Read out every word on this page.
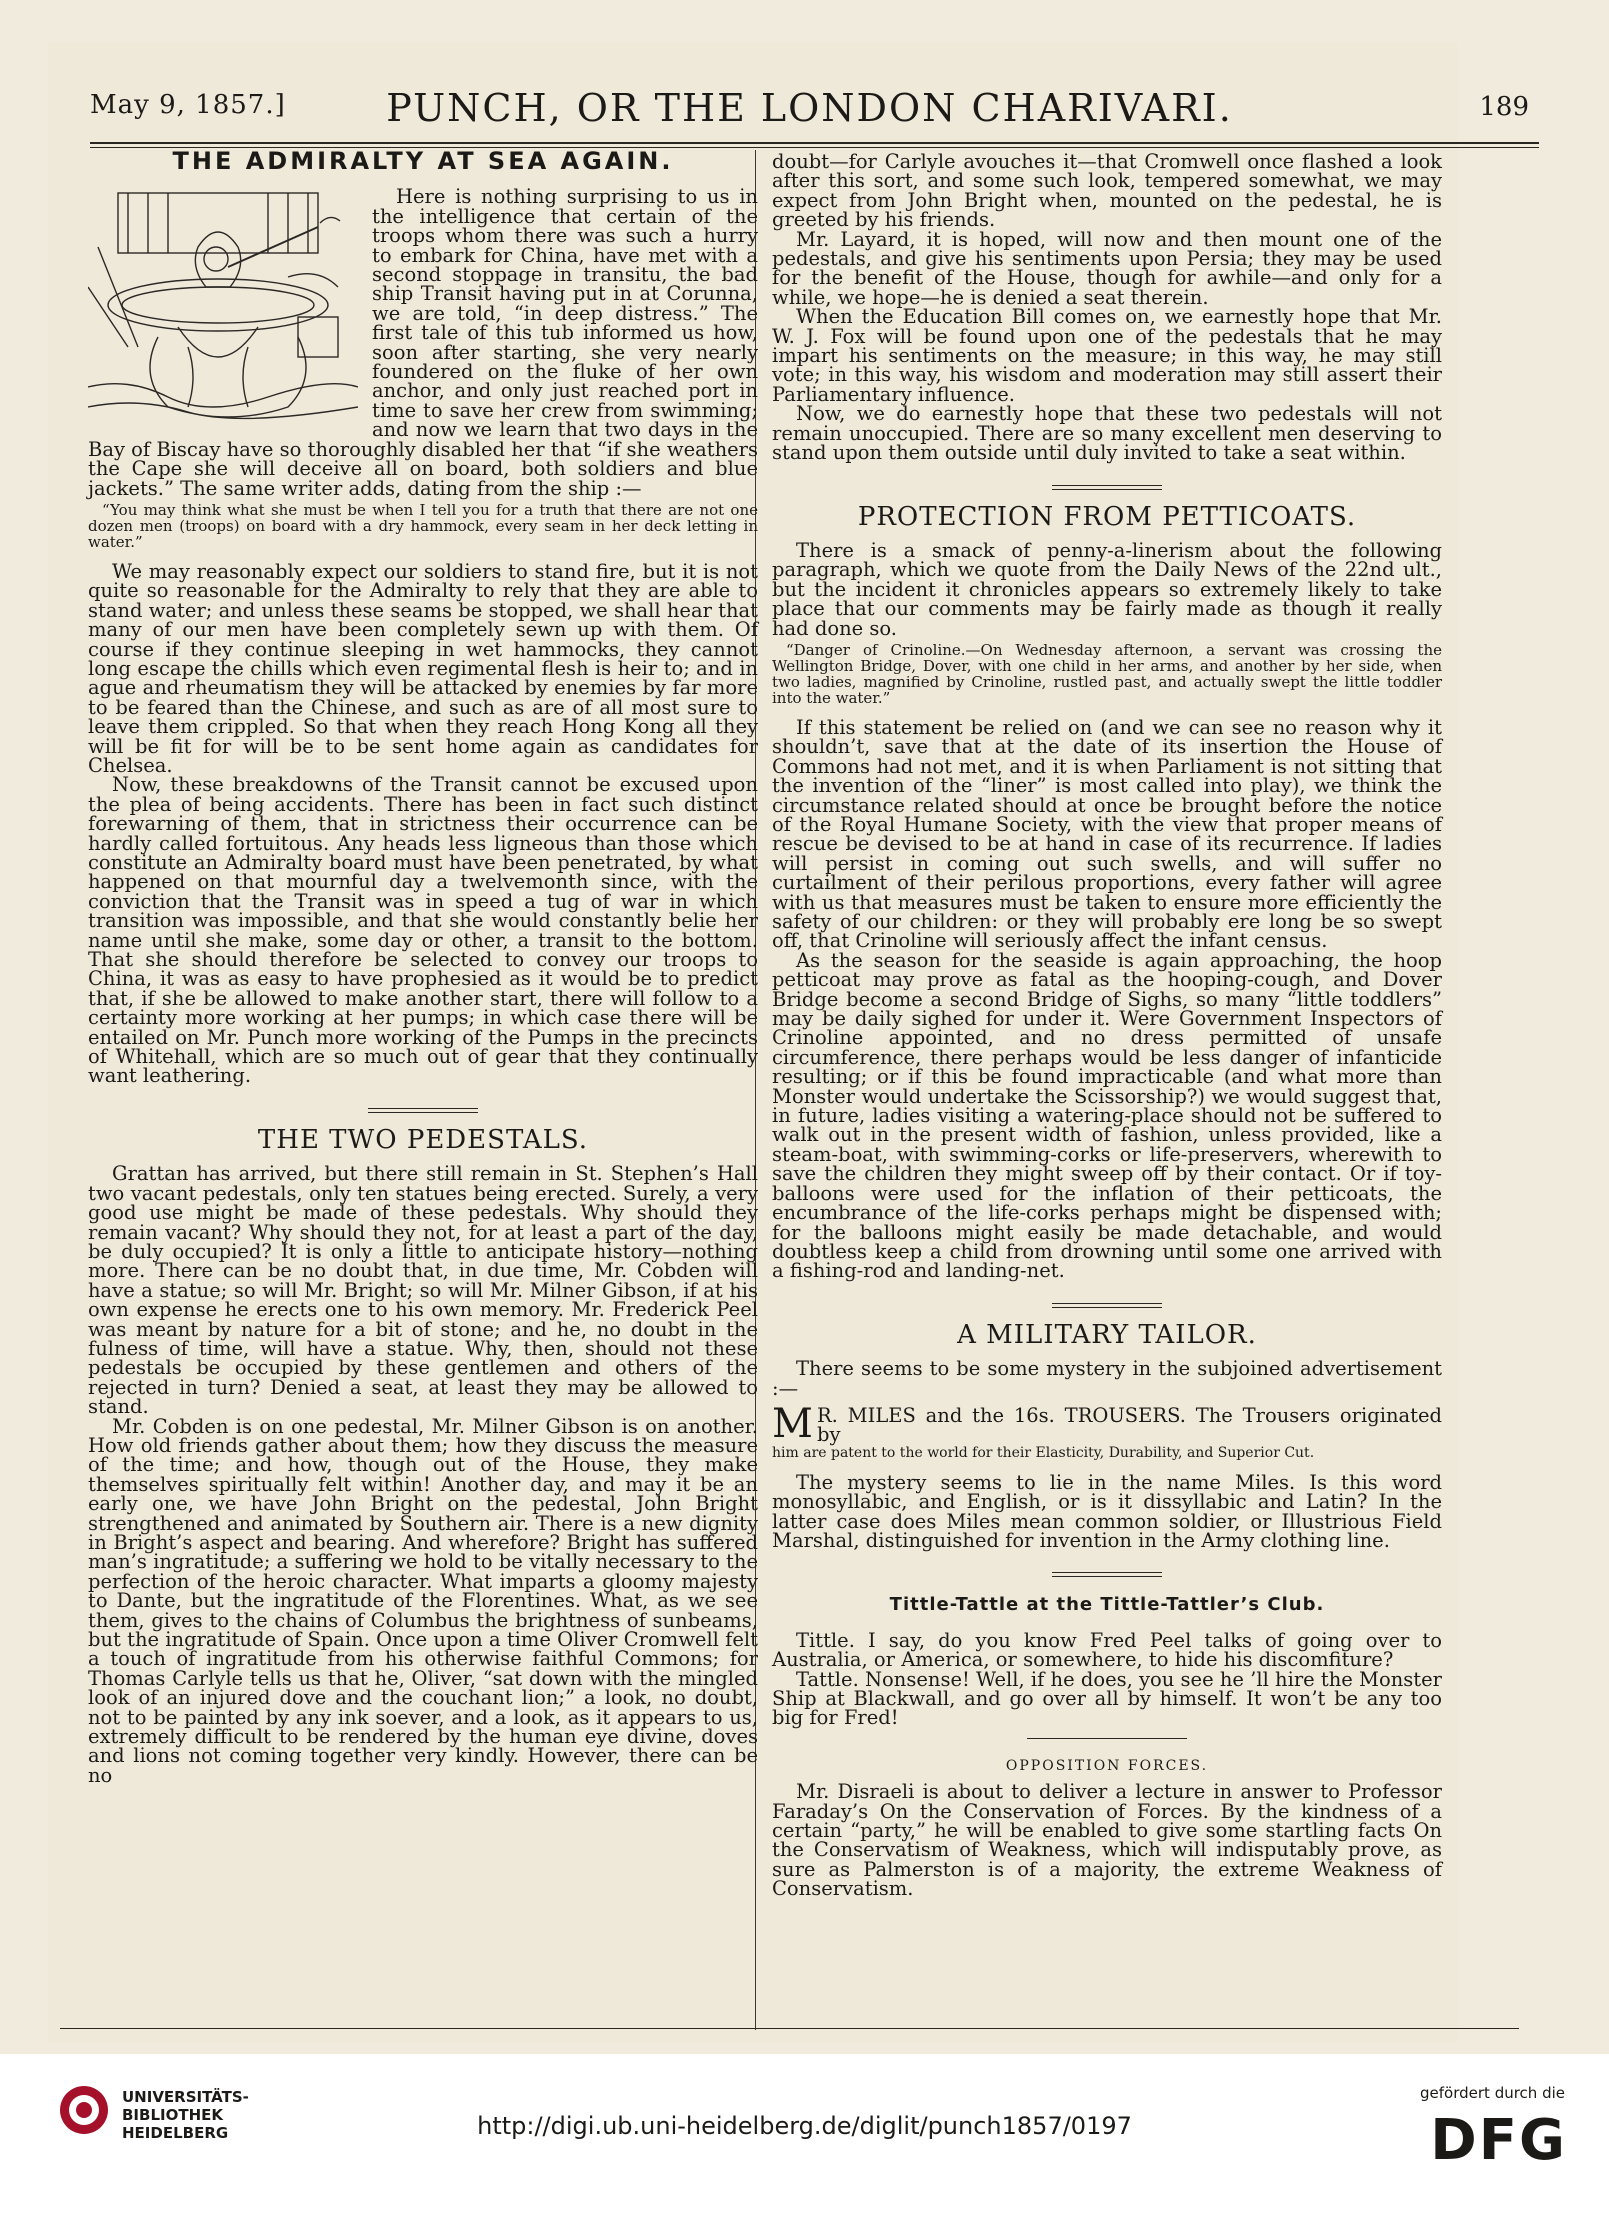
May 9, 1857.]	PUNCH, OR THE LONDON CHARIVARI.	189
THE ADMIRALTY AT SEA AGAIN.

Here is nothing surprising to us in the intelligence that certain of the troops whom there was such a hurry to embark for China, have met with a second stoppage in transitu, the bad ship Transit having put in at Corunna, we are told, “in deep distress.” The first tale of this tub informed us how, soon after starting, she very nearly foundered on the fluke of her own anchor, and only just reached port in time to save her crew from swimming; and now we learn that two days in the Bay of Biscay have so thoroughly disabled her that “if she weathers the Cape she will deceive all on board, both soldiers and blue jackets.” The same writer adds, dating from the ship :—

“You may think what she must be when I tell you for a truth that there are not one dozen men (troops) on board with a dry hammock, every seam in her deck letting in water.”

We may reasonably expect our soldiers to stand fire, but it is not quite so reasonable for the Admiralty to rely that they are able to stand water; and unless these seams be stopped, we shall hear that many of our men have been completely sewn up with them. Of course if they continue sleeping in wet hammocks, they cannot long escape the chills which even regimental flesh is heir to; and in ague and rheumatism they will be attacked by enemies by far more to be feared than the Chinese, and such as are of all most sure to leave them crippled. So that when they reach Hong Kong all they will be fit for will be to be sent home again as candidates for Chelsea.

Now, these breakdowns of the Transit cannot be excused upon the plea of being accidents. There has been in fact such distinct forewarning of them, that in strictness their occurrence can be hardly called fortuitous. Any heads less ligneous than those which constitute an Admiralty board must have been penetrated, by what happened on that mournful day a twelvemonth since, with the conviction that the Transit was in speed a tug of war in which transition was impossible, and that she would constantly belie her name until she make, some day or other, a transit to the bottom. That she should therefore be selected to convey our troops to China, it was as easy to have prophesied as it would be to predict that, if she be allowed to make another start, there will follow to a certainty more working at her pumps; in which case there will be entailed on Mr. Punch more working of the Pumps in the precincts of Whitehall, which are so much out of gear that they continually want leathering.

THE TWO PEDESTALS.

Grattan has arrived, but there still remain in St. Stephen’s Hall two vacant pedestals, only ten statues being erected. Surely, a very good use might be made of these pedestals. Why should they remain vacant? Why should they not, for at least a part of the day, be duly occupied? It is only a little to anticipate history—nothing more. There can be no doubt that, in due time, Mr. Cobden will have a statue; so will Mr. Bright; so will Mr. Milner Gibson, if at his own expense he erects one to his own memory. Mr. Frederick Peel was meant by nature for a bit of stone; and he, no doubt in the fulness of time, will have a statue. Why, then, should not these pedestals be occupied by these gentlemen and others of the rejected in turn? Denied a seat, at least they may be allowed to stand.

Mr. Cobden is on one pedestal, Mr. Milner Gibson is on another. How old friends gather about them; how they discuss the measure of the time; and how, though out of the House, they make themselves spiritually felt within! Another day, and may it be an early one, we have John Bright on the pedestal, John Bright strengthened and animated by Southern air. There is a new dignity in Bright’s aspect and bearing. And wherefore? Bright has suffered man’s ingratitude; a suffering we hold to be vitally necessary to the perfection of the heroic character. What imparts a gloomy majesty to Dante, but the ingratitude of the Florentines. What, as we see them, gives to the chains of Columbus the brightness of sunbeams, but the ingratitude of Spain. Once upon a time Oliver Cromwell felt a touch of ingratitude from his otherwise faithful Commons; for Thomas Carlyle tells us that he, Oliver, “sat down with the mingled look of an injured dove and the couchant lion;” a look, no doubt, not to be painted by any ink soever, and a look, as it appears to us, extremely difficult to be rendered by the human eye divine, doves and lions not coming together very kindly. However, there can be no

doubt—for Carlyle avouches it—that Cromwell once flashed a look after this sort, and some such look, tempered somewhat, we may expect from John Bright when, mounted on the pedestal, he is greeted by his friends.

Mr. Layard, it is hoped, will now and then mount one of the pedestals, and give his sentiments upon Persia; they may be used for the benefit of the House, though for awhile—and only for a while, we hope—he is denied a seat therein.

When the Education Bill comes on, we earnestly hope that Mr. W. J. Fox will be found upon one of the pedestals that he may impart his sentiments on the measure; in this way, he may still vote; in this way, his wisdom and moderation may still assert their Parliamentary influence.

Now, we do earnestly hope that these two pedestals will not remain unoccupied. There are so many excellent men deserving to stand upon them outside until duly invited to take a seat within.

PROTECTION FROM PETTICOATS.

There is a smack of penny-a-linerism about the following paragraph, which we quote from the Daily News of the 22nd ult., but the incident it chronicles appears so extremely likely to take place that our comments may be fairly made as though it really had done so.

“Danger of Crinoline.—On Wednesday afternoon, a servant was crossing the Wellington Bridge, Dover, with one child in her arms, and another by her side, when two ladies, magnified by Crinoline, rustled past, and actually swept the little toddler into the water.”

If this statement be relied on (and we can see no reason why it shouldn’t, save that at the date of its insertion the House of Commons had not met, and it is when Parliament is not sitting that the invention of the “liner” is most called into play), we think the circumstance related should at once be brought before the notice of the Royal Humane Society, with the view that proper means of rescue be devised to be at hand in case of its recurrence. If ladies will persist in coming out such swells, and will suffer no curtailment of their perilous proportions, every father will agree with us that measures must be taken to ensure more efficiently the safety of our children: or they will probably ere long be so swept off, that Crinoline will seriously affect the infant census.

As the season for the seaside is again approaching, the hoop petticoat may prove as fatal as the hooping-cough, and Dover Bridge become a second Bridge of Sighs, so many “little toddlers” may be daily sighed for under it. Were Government Inspectors of Crinoline appointed, and no dress permitted of unsafe circumference, there perhaps would be less danger of infanticide resulting; or if this be found impracticable (and what more than Monster would undertake the Scissorship?) we would suggest that, in future, ladies visiting a watering-place should not be suffered to walk out in the present width of fashion, unless provided, like a steam-boat, with swimming-corks or life-preservers, wherewith to save the children they might sweep off by their contact. Or if toy-balloons were used for the inflation of their petticoats, the encumbrance of the life-corks perhaps might be dispensed with; for the balloons might easily be made detachable, and would doubtless keep a child from drowning until some one arrived with a fishing-rod and landing-net.

A MILITARY TAILOR.

There seems to be some mystery in the subjoined advertisement :—

M R. MILES and the 16s. TROUSERS. The Trousers originated by
him are patent to the world for their Elasticity, Durability, and Superior Cut.

The mystery seems to lie in the name Miles. Is this word monosyllabic, and English, or is it dissyllabic and Latin? In the latter case does Miles mean common soldier, or Illustrious Field Marshal, distinguished for invention in the Army clothing line.

Tittle-Tattle at the Tittle-Tattler’s Club.

Tittle. I say, do you know Fred Peel talks of going over to Australia, or America, or somewhere, to hide his discomfiture?

Tattle. Nonsense! Well, if he does, you see he ’ll hire the Monster Ship at Blackwall, and go over all by himself. It won’t be any too big for Fred!

OPPOSITION FORCES.

Mr. Disraeli is about to deliver a lecture in answer to Professor Faraday’s On the Conservation of Forces. By the kindness of a certain “party,” he will be enabled to give some startling facts On the Conservatism of Weakness, which will indisputably prove, as sure as Palmerston is of a majority, the extreme Weakness of Conservatism.

UNIVERSITÄTS-
BIBLIOTHEK
HEIDELBERG	http://digi.ub.uni-heidelberg.de/diglit/punch1857/0197
gefördert durch die
DFG
